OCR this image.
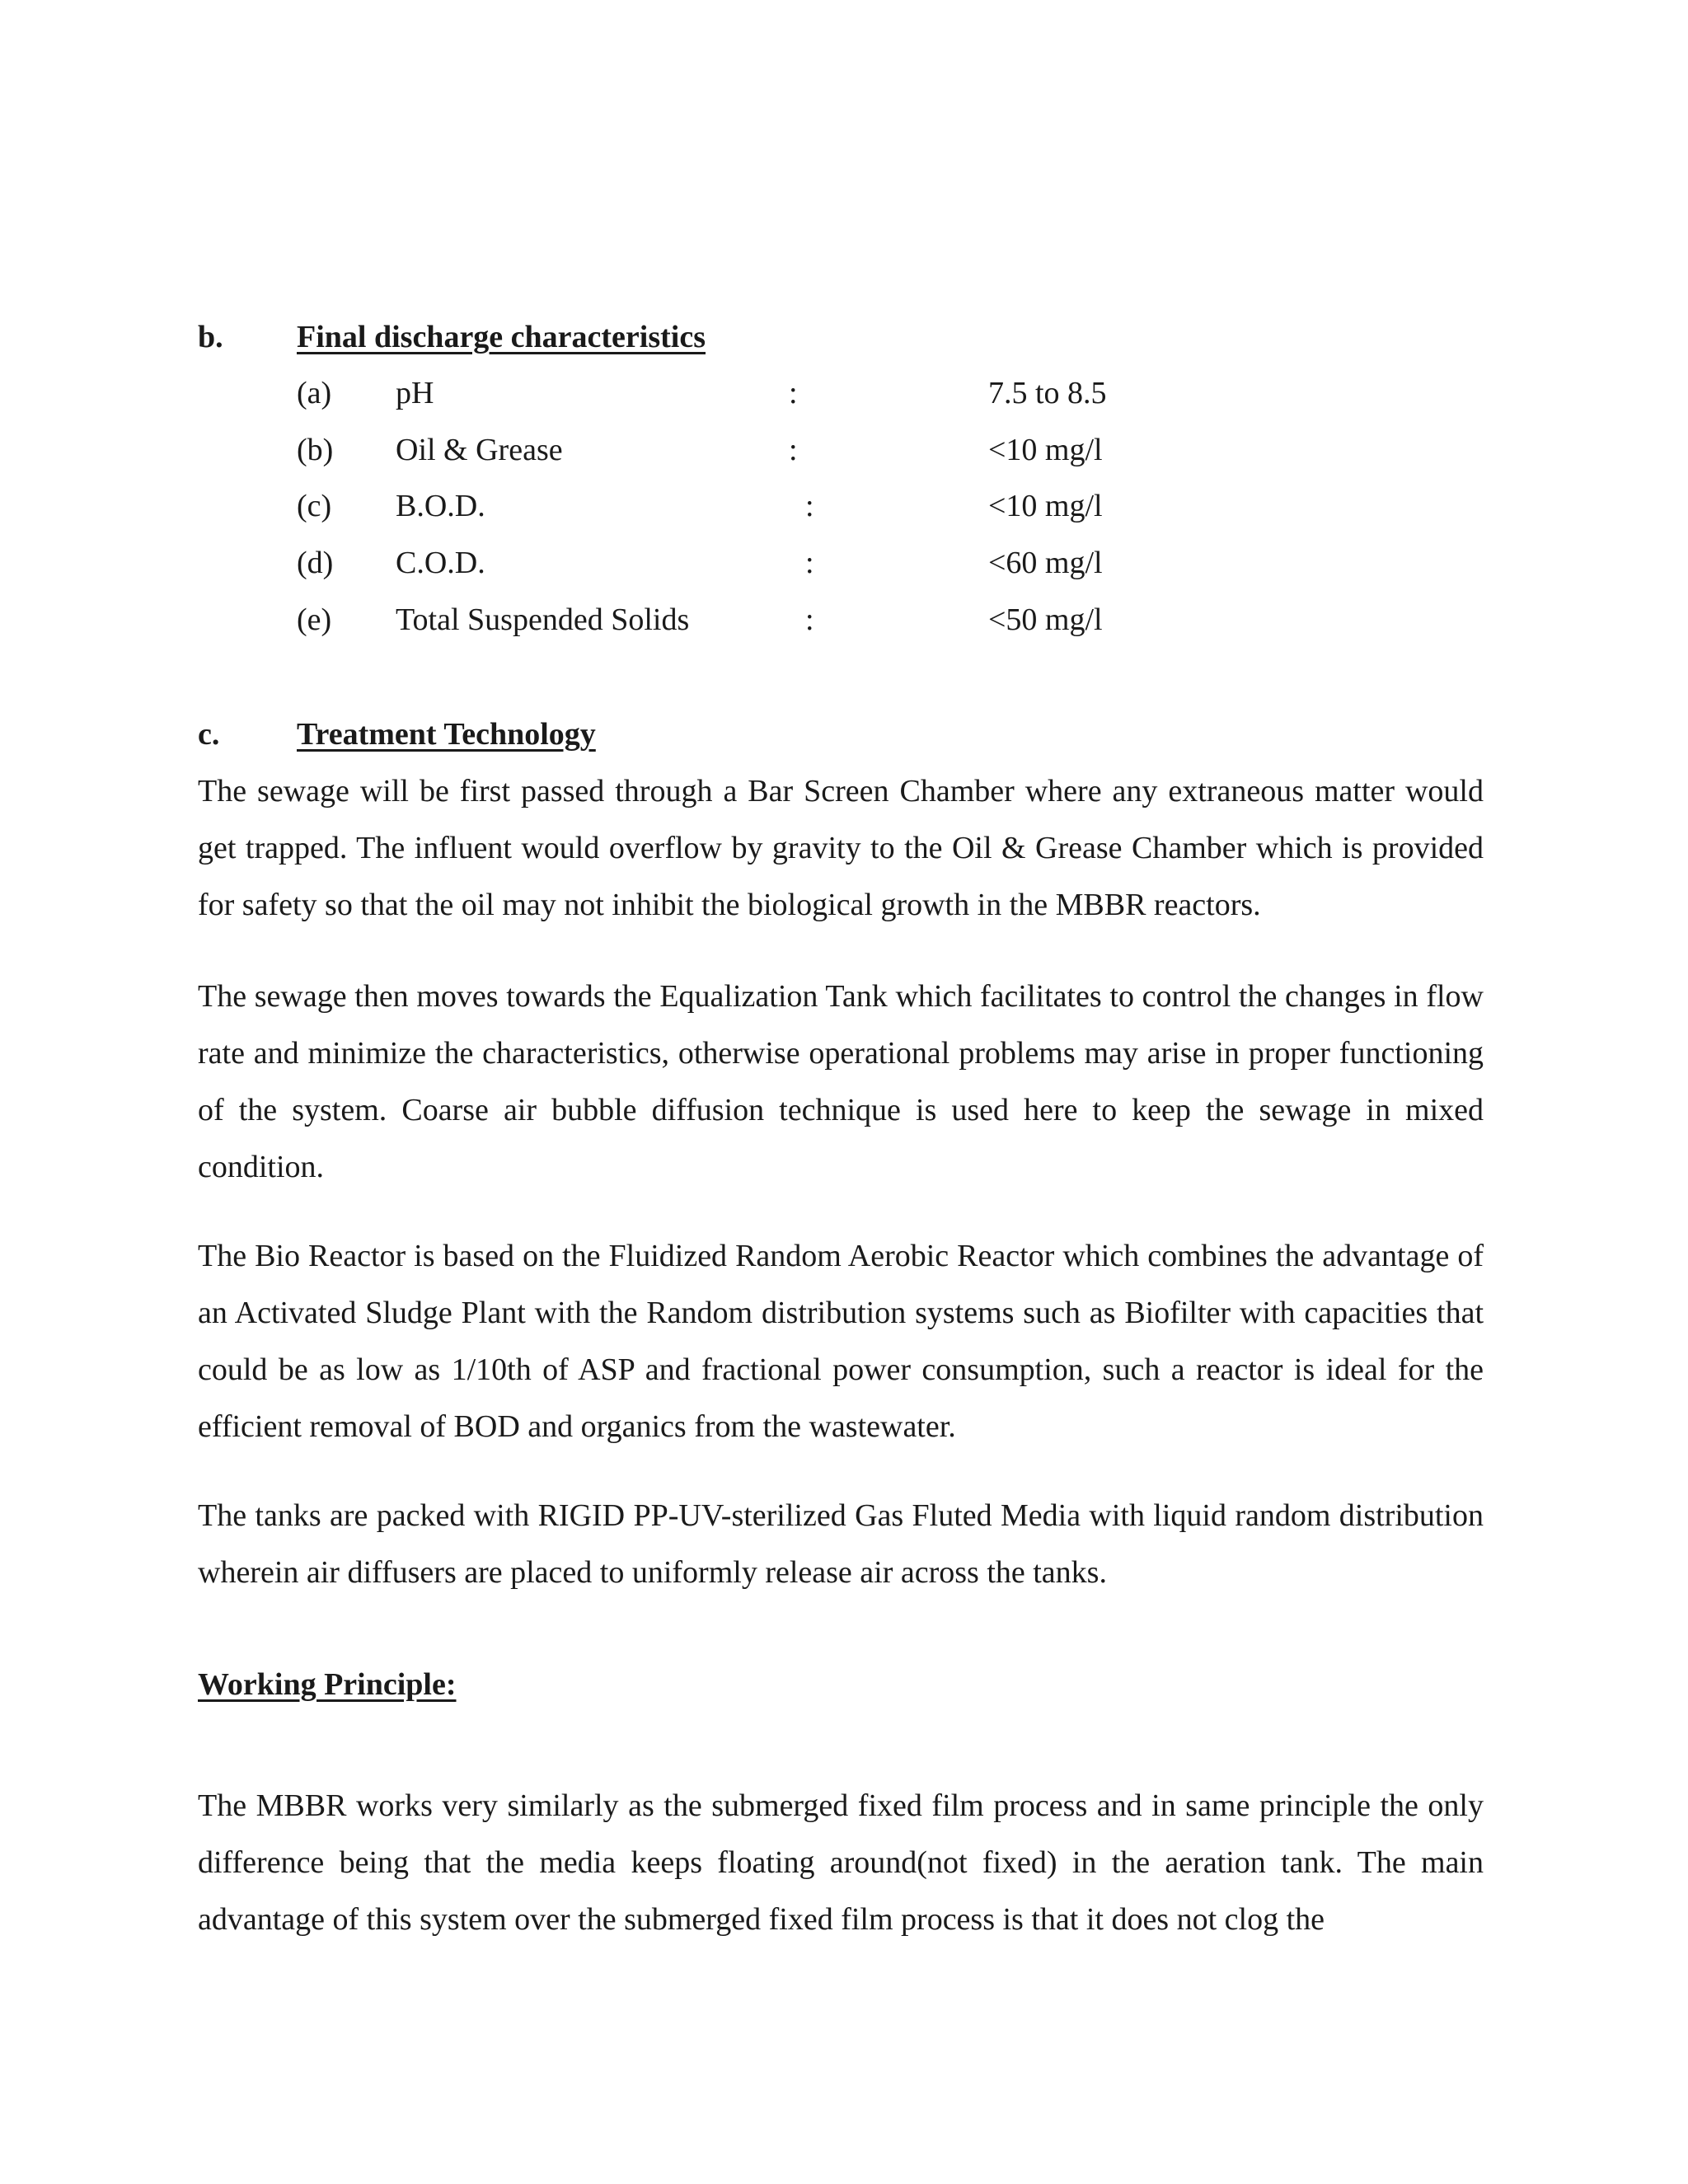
b. Final discharge characteristics
(a) pH	:	7.5 to 8.5
(b) Oil & Grease	:	<10 mg/l
(c) B.O.D.	:	<10 mg/l
(d) C.O.D.	:	<60 mg/l
(e) Total Suspended Solids	:	<50 mg/l
c. Treatment Technology

The sewage will be first passed through a Bar Screen Chamber where any extraneous matter would get trapped. The influent would overflow by gravity to the Oil & Grease Chamber which is provided for safety so that the oil may not inhibit the biological growth in the MBBR reactors.

The sewage then moves towards the Equalization Tank which facilitates to control the changes in flow rate and minimize the characteristics, otherwise operational problems may arise in proper functioning of the system. Coarse air bubble diffusion technique is used here to keep the sewage in mixed condition.

The Bio Reactor is based on the Fluidized Random Aerobic Reactor which combines the advantage of an Activated Sludge Plant with the Random distribution systems such as Biofilter with capacities that could be as low as 1/10th of ASP and fractional power consumption, such a reactor is ideal for the efficient removal of BOD and organics from the wastewater.

The tanks are packed with RIGID PP-UV-sterilized Gas Fluted Media with liquid random distribution wherein air diffusers are placed to uniformly release air across the tanks.

Working Principle:

The MBBR works very similarly as the submerged fixed film process and in same principle the only difference being that the media keeps floating around(not fixed) in the aeration tank. The main advantage of this system over the submerged fixed film process is that it does not clog the
